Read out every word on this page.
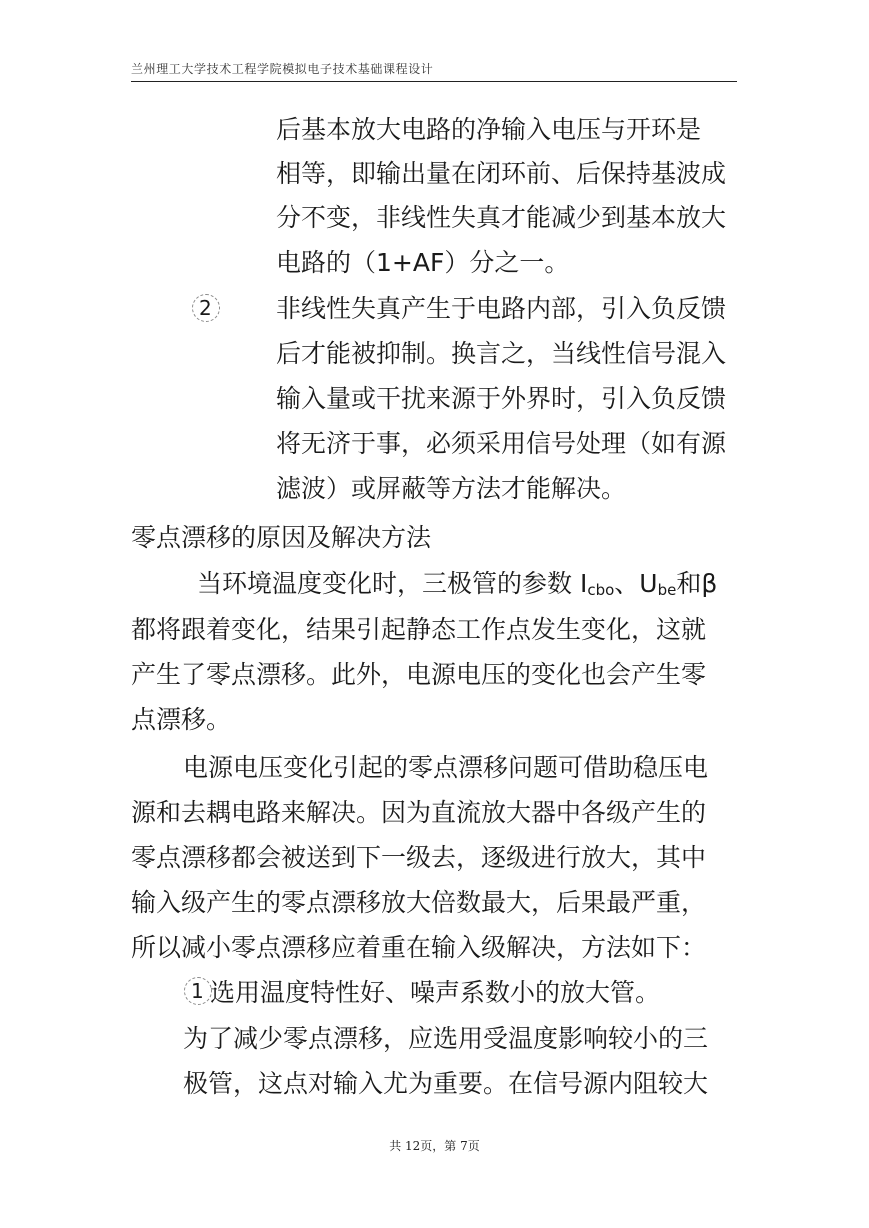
兰州理工大学技术工程学院模拟电子技术基础课程设计
后基本放大电路的净输入电压与开环是
相等，即输出量在闭环前、后保持基波成
分不变，非线性失真才能减少到基本放大
电路的（1+AF）分之一。
2	非线性失真产生于电路内部，引入负反馈
后才能被抑制。换言之，当线性信号混入
输入量或干扰来源于外界时，引入负反馈
将无济于事，必须采用信号处理（如有源
滤波）或屏蔽等方法才能解决。
零点漂移的原因及解决方法
当环境温度变化时，三极管的参数 $I_{cbo}$、$U_{be}$和β
都将跟着变化，结果引起静态工作点发生变化，这就
产生了零点漂移。此外，电源电压的变化也会产生零
点漂移。
电源电压变化引起的零点漂移问题可借助稳压电
源和去耦电路来解决。因为直流放大器中各级产生的
零点漂移都会被送到下一级去，逐级进行放大，其中
输入级产生的零点漂移放大倍数最大，后果最严重，
所以减小零点漂移应着重在输入级解决，方法如下：
1 选用温度特性好、噪声系数小的放大管。
为了减少零点漂移，应选用受温度影响较小的三
极管，这点对输入尤为重要。在信号源内阻较大
共 12页，第 7页
